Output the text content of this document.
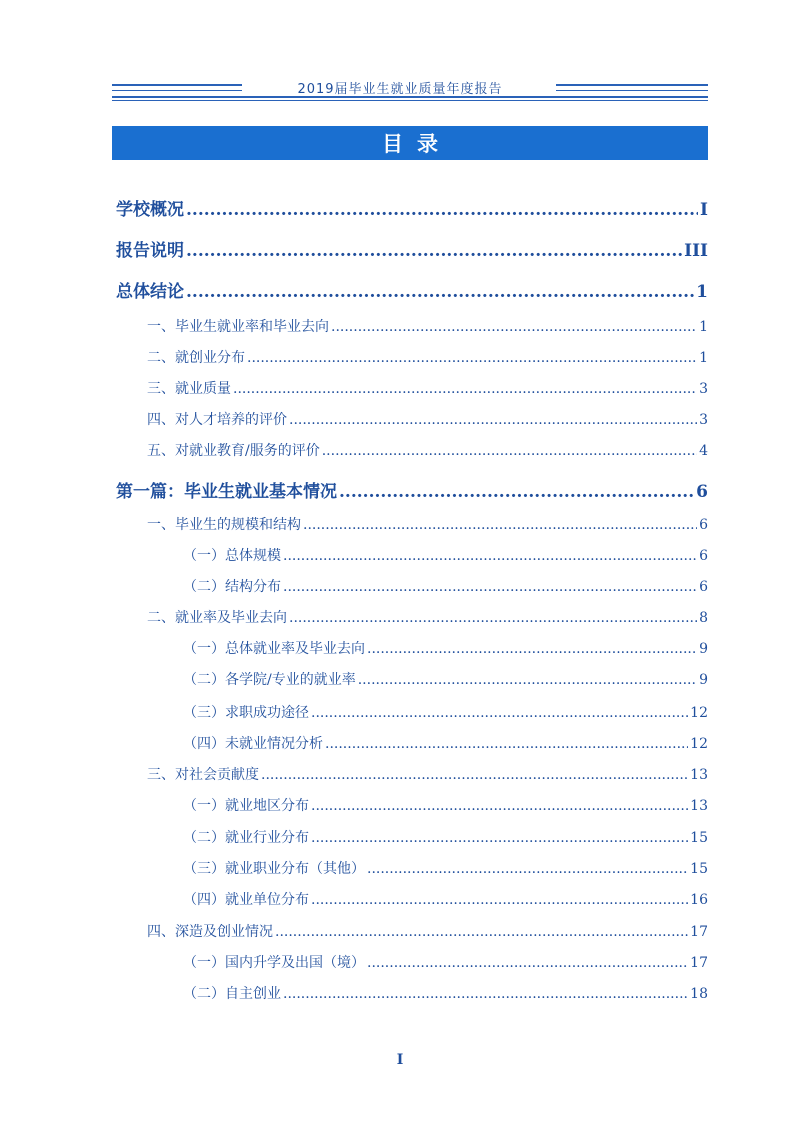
2019届毕业生就业质量年度报告
目录
学校概况 .....	I
报告说明 .....	III
总体结论 .....	1
一、毕业生就业率和毕业去向 .....	1
二、就创业分布 .....	1
三、就业质量 .....	3
四、对人才培养的评价 .....	3
五、对就业教育/服务的评价 .....	4
第一篇：毕业生就业基本情况 .....	6
一、毕业生的规模和结构 .....	6
（一）总体规模 .....	6
（二）结构分布 .....	6
二、就业率及毕业去向 .....	8
（一）总体就业率及毕业去向 .....	9
（二）各学院/专业的就业率 .....	9
（三）求职成功途径 .....	12
（四）未就业情况分析 .....	12
三、对社会贡献度 .....	13
（一）就业地区分布 .....	13
（二）就业行业分布 .....	15
（三）就业职业分布（其他） .....	15
（四）就业单位分布 .....	16
四、深造及创业情况 .....	17
（一）国内升学及出国（境） .....	17
（二）自主创业 .....	18
I
